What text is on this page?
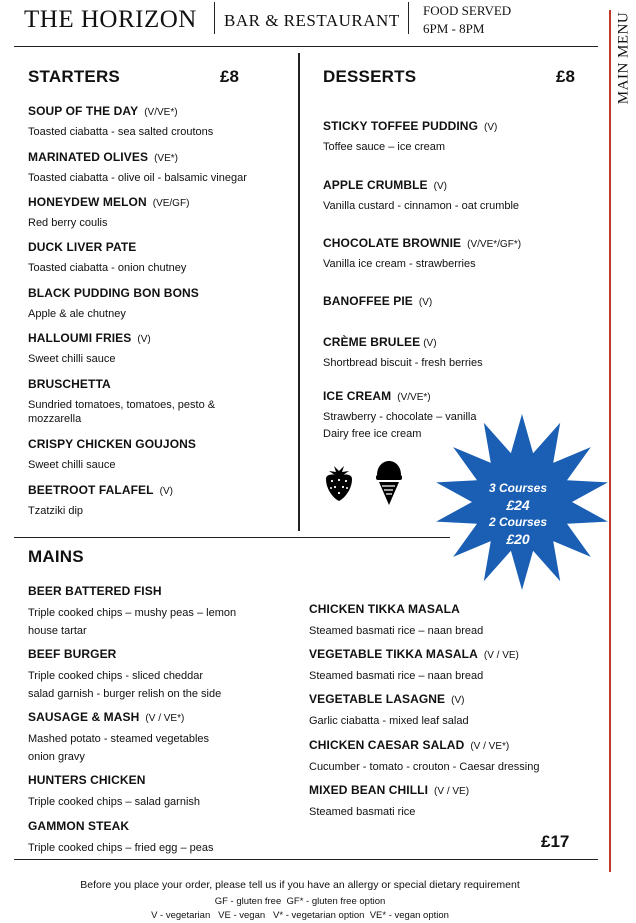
THE HORIZON BAR & RESTAURANT
FOOD SERVED
6PM - 8PM	MAIN MENU
STARTERS	£8
SOUP OF THE DAY (V/VE*)
Toasted ciabatta - sea salted croutons
MARINATED OLIVES (VE*)
Toasted ciabatta - olive oil - balsamic vinegar
HONEYDEW MELON (VE/GF)
Red berry coulis
DUCK LIVER PATE
Toasted ciabatta - onion chutney
BLACK PUDDING BON BONS
Apple & ale chutney
HALLOUMI FRIES (V)
Sweet chilli sauce
BRUSCHETTA
Sundried tomatoes, tomatoes, pesto & mozzarella
CRISPY CHICKEN GOUJONS
Sweet chilli sauce
BEETROOT FALAFEL (V)
Tzatziki dip
DESSERTS	£8
STICKY TOFFEE PUDDING (V)
Toffee sauce – ice cream
APPLE CRUMBLE (V)
Vanilla custard - cinnamon - oat crumble
CHOCOLATE BROWNIE (V/VE*/GF*)
Vanilla ice cream - strawberries
BANOFFEE PIE (V)
CRÈME BRULEE (V)
Shortbread biscuit - fresh berries
ICE CREAM (V/VE*)
Strawberry - chocolate – vanilla
Dairy free ice cream
3 Courses
£24
2 Courses
£20
MAINS
BEER BATTERED FISH
Triple cooked chips – mushy peas – lemon
house tartar
BEEF BURGER
Triple cooked chips - sliced cheddar
salad garnish - burger relish on the side
SAUSAGE & MASH (V / VE*)
Mashed potato - steamed vegetables
onion gravy
HUNTERS CHICKEN
Triple cooked chips – salad garnish
GAMMON STEAK
Triple cooked chips – fried egg – peas
CHICKEN TIKKA MASALA
Steamed basmati rice – naan bread
VEGETABLE TIKKA MASALA (V / VE)
Steamed basmati rice – naan bread
VEGETABLE LASAGNE (V)
Garlic ciabatta - mixed leaf salad
CHICKEN CAESAR SALAD (V / VE*)
Cucumber - tomato - crouton - Caesar dressing
MIXED BEAN CHILLI (V / VE)
Steamed basmati rice
£17
Before you place your order, please tell us if you have an allergy or special dietary requirement
GF - gluten free  GF* - gluten free option
V - vegetarian   VE - vegan   V* - vegetarian option  VE* - vegan option
